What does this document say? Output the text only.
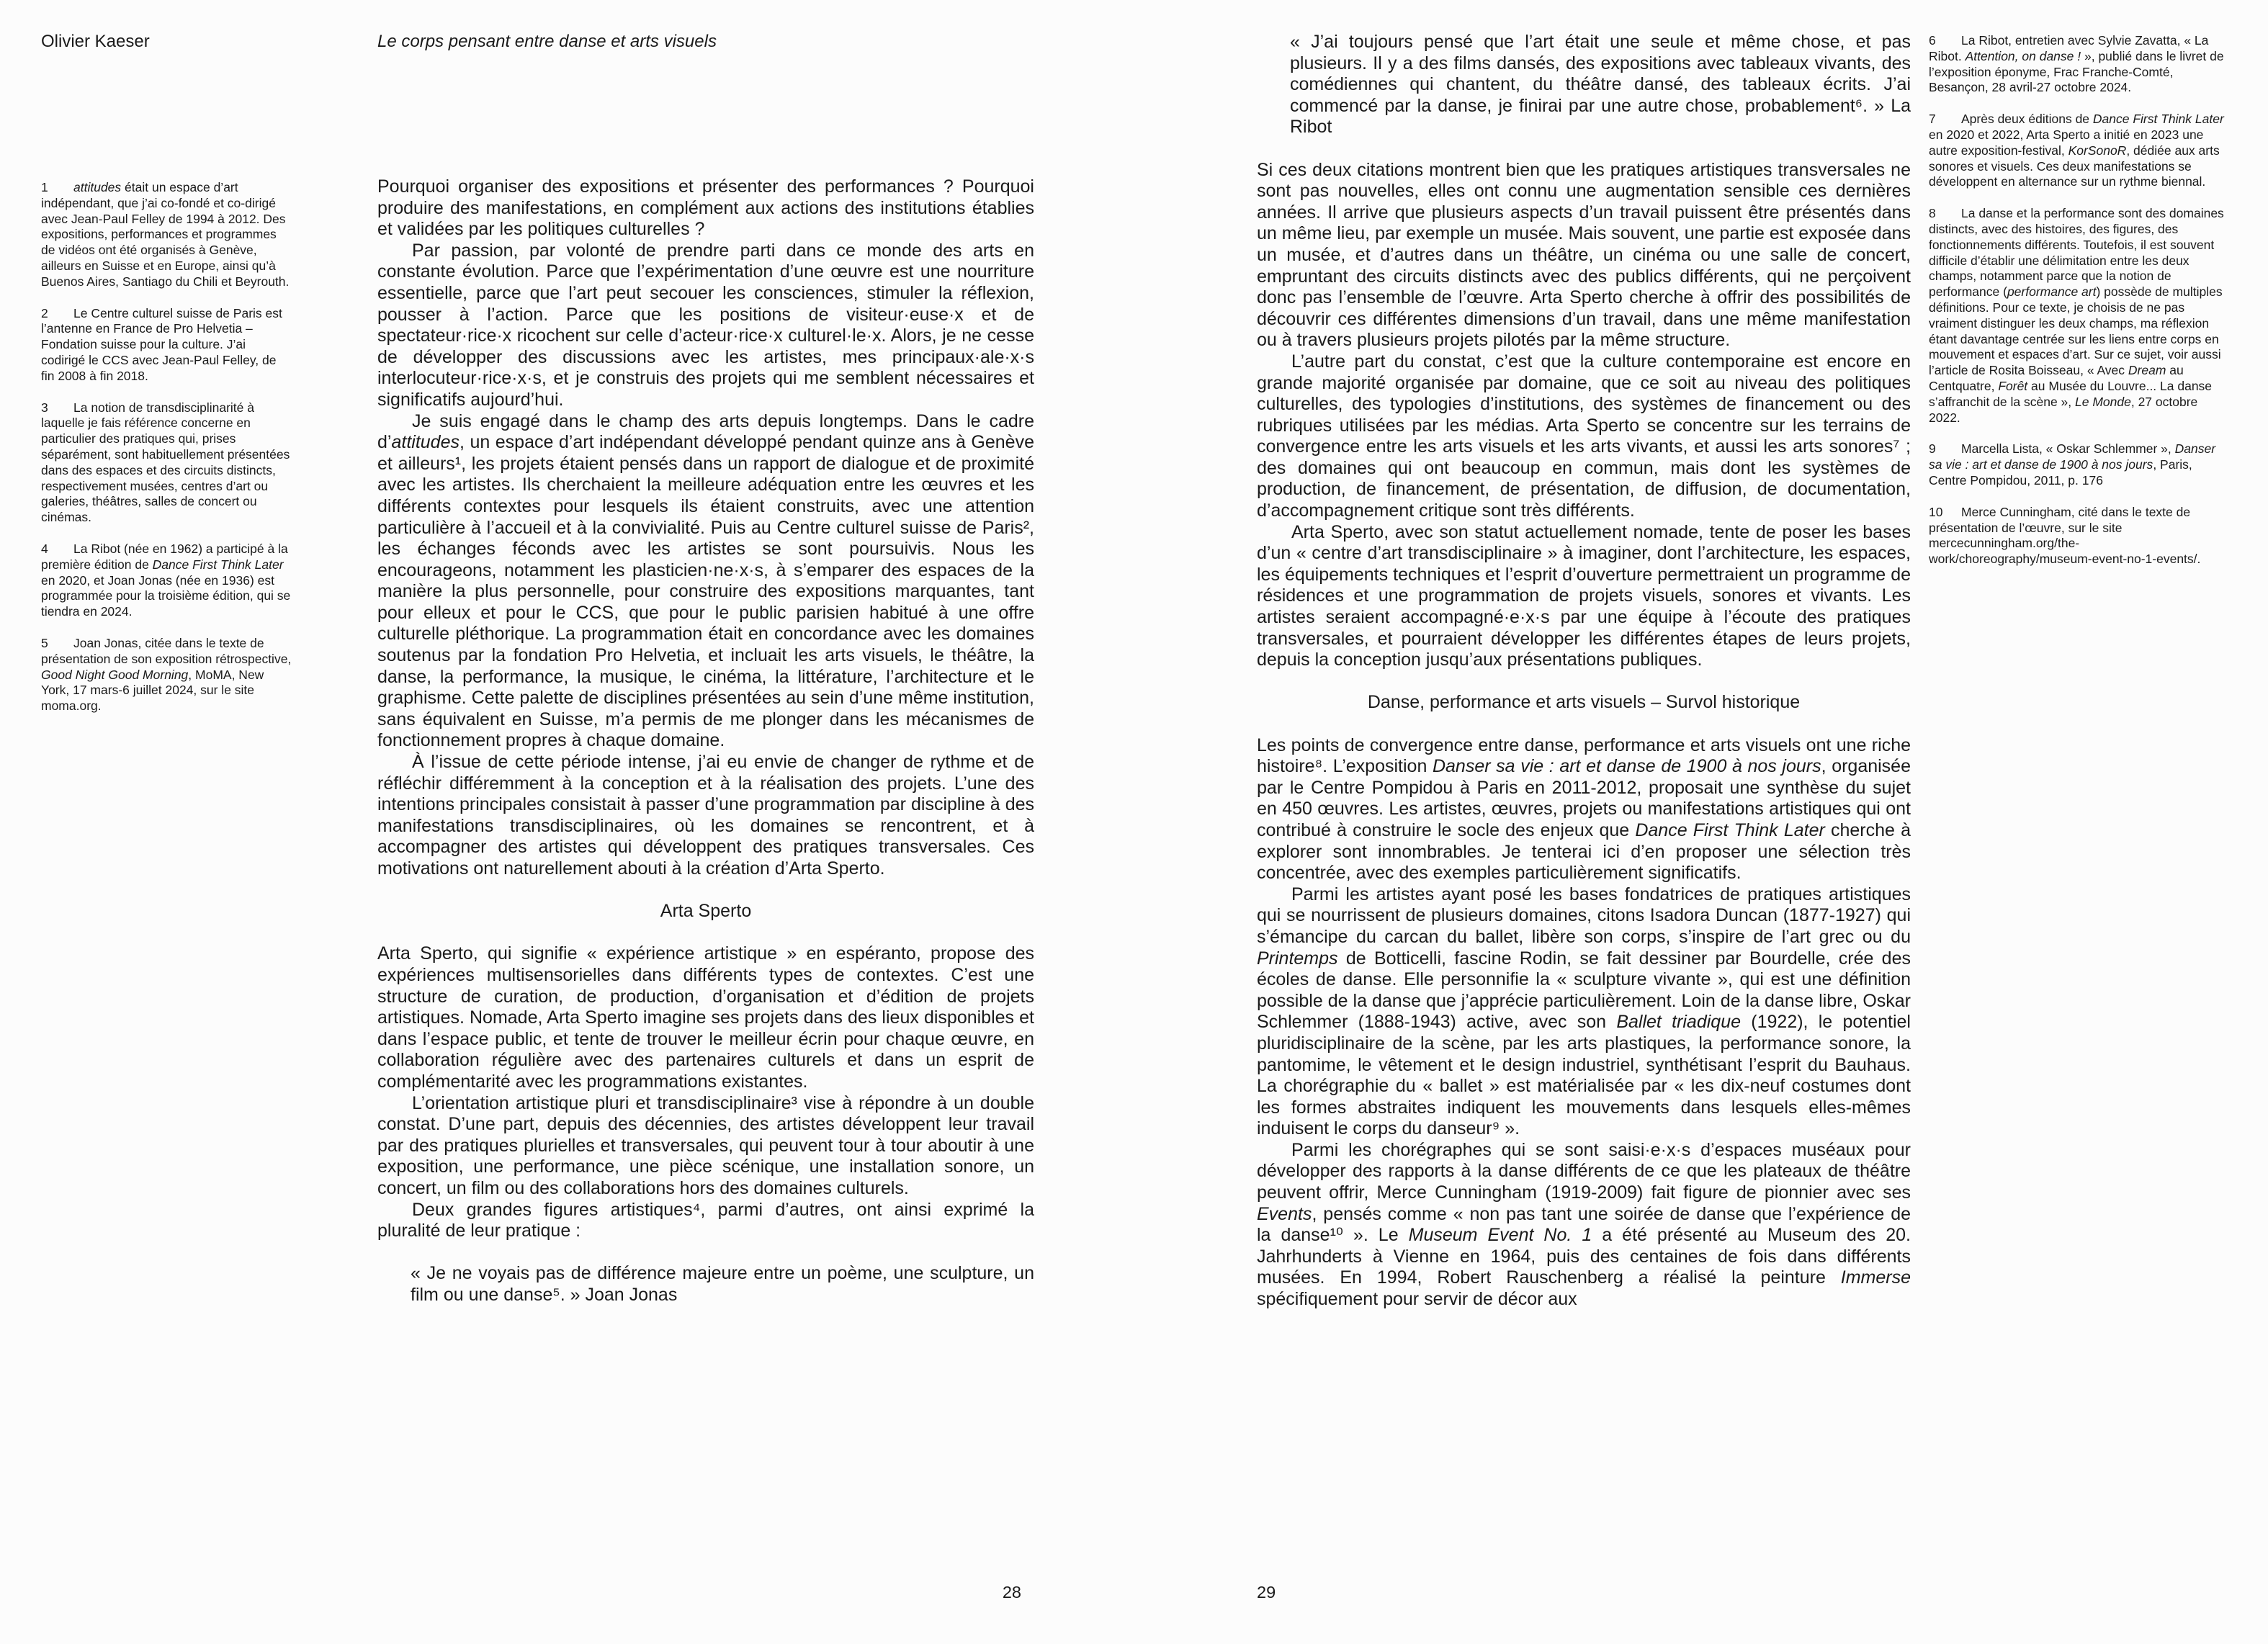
Olivier Kaeser	Le corps pensant entre danse et arts visuels
1 attitudes était un espace d’art indépendant, que j’ai co-fondé et co-dirigé avec Jean-Paul Felley de 1994 à 2012. Des expositions, performances et programmes de vidéos ont été organisés à Genève, ailleurs en Suisse et en Europe, ainsi qu’à Buenos Aires, Santiago du Chili et Beyrouth.
2 Le Centre culturel suisse de Paris est l’antenne en France de Pro Helvetia – Fondation suisse pour la culture. J’ai codirigé le CCS avec Jean-Paul Felley, de fin 2008 à fin 2018.
3 La notion de transdisciplinarité à laquelle je fais référence concerne en particulier des pratiques qui, prises séparément, sont habituellement présentées dans des espaces et des circuits distincts, respectivement musées, centres d’art ou galeries, théâtres, salles de concert ou cinémas.
4 La Ribot (née en 1962) a participé à la première édition de Dance First Think Later en 2020, et Joan Jonas (née en 1936) est programmée pour la troisième édition, qui se tiendra en 2024.
5 Joan Jonas, citée dans le texte de présentation de son exposition rétrospective, Good Night Good Morning, MoMA, New York, 17 mars-6 juillet 2024, sur le site moma.org.

Pourquoi organiser des expositions et présenter des performances ? Pourquoi produire des manifestations, en complément aux actions des institutions établies et validées par les politiques culturelles ?

Par passion, par volonté de prendre parti dans ce monde des arts en constante évolution. Parce que l’expérimentation d’une œuvre est une nourriture essentielle, parce que l’art peut secouer les consciences, stimuler la réflexion, pousser à l’action. Parce que les positions de visiteur·euse·x et de spectateur·rice·x ricochent sur celle d’acteur·rice·x culturel·le·x. Alors, je ne cesse de développer des discussions avec les artistes, mes principaux·ale·x·s interlocuteur·rice·x·s, et je construis des projets qui me semblent nécessaires et significatifs aujourd’hui.

Je suis engagé dans le champ des arts depuis longtemps. Dans le cadre d’attitudes, un espace d’art indépendant développé pendant quinze ans à Genève et ailleurs¹, les projets étaient pensés dans un rapport de dialogue et de proximité avec les artistes. Ils cherchaient la meilleure adéquation entre les œuvres et les différents contextes pour lesquels ils étaient construits, avec une attention particulière à l’accueil et à la convivialité. Puis au Centre culturel suisse de Paris², les échanges féconds avec les artistes se sont poursuivis. Nous les encourageons, notamment les plasticien·ne·x·s, à s’emparer des espaces de la manière la plus personnelle, pour construire des expositions marquantes, tant pour elleux et pour le CCS, que pour le public parisien habitué à une offre culturelle pléthorique. La programmation était en concordance avec les domaines soutenus par la fondation Pro Helvetia, et incluait les arts visuels, le théâtre, la danse, la performance, la musique, le cinéma, la littérature, l’architecture et le graphisme. Cette palette de disciplines présentées au sein d’une même institution, sans équivalent en Suisse, m’a permis de me plonger dans les mécanismes de fonctionnement propres à chaque domaine.

À l’issue de cette période intense, j’ai eu envie de changer de rythme et de réfléchir différemment à la conception et à la réalisation des projets. L’une des intentions principales consistait à passer d’une programmation par discipline à des manifestations transdisciplinaires, où les domaines se rencontrent, et à accompagner des artistes qui développent des pratiques transversales. Ces motivations ont naturellement abouti à la création d’Arta Sperto.

Arta Sperto

Arta Sperto, qui signifie « expérience artistique » en espéranto, propose des expériences multisensorielles dans différents types de contextes. C’est une structure de curation, de production, d’organisation et d’édition de projets artistiques. Nomade, Arta Sperto imagine ses projets dans des lieux disponibles et dans l’espace public, et tente de trouver le meilleur écrin pour chaque œuvre, en collaboration régulière avec des partenaires culturels et dans un esprit de complémentarité avec les programmations existantes.

L’orientation artistique pluri et transdisciplinaire³ vise à répondre à un double constat. D’une part, depuis des décennies, des artistes développent leur travail par des pratiques plurielles et transversales, qui peuvent tour à tour aboutir à une exposition, une performance, une pièce scénique, une installation sonore, un concert, un film ou des collaborations hors des domaines culturels.

Deux grandes figures artistiques⁴, parmi d’autres, ont ainsi exprimé la pluralité de leur pratique :

« Je ne voyais pas de différence majeure entre un poème, une sculpture, un film ou une danse⁵. » Joan Jonas

28

« J’ai toujours pensé que l’art était une seule et même chose, et pas plusieurs. Il y a des films dansés, des expositions avec tableaux vivants, des comédiennes qui chantent, du théâtre dansé, des tableaux écrits. J’ai commencé par la danse, je finirai par une autre chose, probablement⁶. » La Ribot

Si ces deux citations montrent bien que les pratiques artistiques transversales ne sont pas nouvelles, elles ont connu une augmentation sensible ces dernières années. Il arrive que plusieurs aspects d’un travail puissent être présentés dans un même lieu, par exemple un musée. Mais souvent, une partie est exposée dans un musée, et d’autres dans un théâtre, un cinéma ou une salle de concert, empruntant des circuits distincts avec des publics différents, qui ne perçoivent donc pas l’ensemble de l’œuvre. Arta Sperto cherche à offrir des possibilités de découvrir ces différentes dimensions d’un travail, dans une même manifestation ou à travers plusieurs projets pilotés par la même structure.

L’autre part du constat, c’est que la culture contemporaine est encore en grande majorité organisée par domaine, que ce soit au niveau des politiques culturelles, des typologies d’institutions, des systèmes de financement ou des rubriques utilisées par les médias. Arta Sperto se concentre sur les terrains de convergence entre les arts visuels et les arts vivants, et aussi les arts sonores⁷ ; des domaines qui ont beaucoup en commun, mais dont les systèmes de production, de financement, de présentation, de diffusion, de documentation, d’accompagnement critique sont très différents.

Arta Sperto, avec son statut actuellement nomade, tente de poser les bases d’un « centre d’art transdisciplinaire » à imaginer, dont l’architecture, les espaces, les équipements techniques et l’esprit d’ouverture permettraient un programme de résidences et une programmation de projets visuels, sonores et vivants. Les artistes seraient accompagné·e·x·s par une équipe à l’écoute des pratiques transversales, et pourraient développer les différentes étapes de leurs projets, depuis la conception jusqu’aux présentations publiques.

Danse, performance et arts visuels – Survol historique

Les points de convergence entre danse, performance et arts visuels ont une riche histoire⁸. L’exposition Danser sa vie : art et danse de 1900 à nos jours, organisée par le Centre Pompidou à Paris en 2011-2012, proposait une synthèse du sujet en 450 œuvres. Les artistes, œuvres, projets ou manifestations artistiques qui ont contribué à construire le socle des enjeux que Dance First Think Later cherche à explorer sont innombrables. Je tenterai ici d’en proposer une sélection très concentrée, avec des exemples particulièrement significatifs.

Parmi les artistes ayant posé les bases fondatrices de pratiques artistiques qui se nourrissent de plusieurs domaines, citons Isadora Duncan (1877-1927) qui s’émancipe du carcan du ballet, libère son corps, s’inspire de l’art grec ou du Printemps de Botticelli, fascine Rodin, se fait dessiner par Bourdelle, crée des écoles de danse. Elle personnifie la « sculpture vivante », qui est une définition possible de la danse que j’apprécie particulièrement. Loin de la danse libre, Oskar Schlemmer (1888-1943) active, avec son Ballet triadique (1922), le potentiel pluridisciplinaire de la scène, par les arts plastiques, la performance sonore, la pantomime, le vêtement et le design industriel, synthétisant l’esprit du Bauhaus. La chorégraphie du « ballet » est matérialisée par « les dix-neuf costumes dont les formes abstraites indiquent les mouvements dans lesquels elles-mêmes induisent le corps du danseur⁹ ».

Parmi les chorégraphes qui se sont saisi·e·x·s d’espaces muséaux pour développer des rapports à la danse différents de ce que les plateaux de théâtre peuvent offrir, Merce Cunningham (1919-2009) fait figure de pionnier avec ses Events, pensés comme « non pas tant une soirée de danse que l’expérience de la danse¹⁰ ». Le Museum Event No. 1 a été présenté au Museum des 20. Jahrhunderts à Vienne en 1964, puis des centaines de fois dans différents musées. En 1994, Robert Rauschenberg a réalisé la peinture Immerse spécifiquement pour servir de décor aux

6 La Ribot, entretien avec Sylvie Zavatta, « La Ribot. Attention, on danse ! », publié dans le livret de l’exposition éponyme, Frac Franche-Comté, Besançon, 28 avril-27 octobre 2024.
7 Après deux éditions de Dance First Think Later en 2020 et 2022, Arta Sperto a initié en 2023 une autre exposition-festival, KorSonoR, dédiée aux arts sonores et visuels. Ces deux manifestations se développent en alternance sur un rythme biennal.
8 La danse et la performance sont des domaines distincts, avec des histoires, des figures, des fonctionnements différents. Toutefois, il est souvent difficile d’établir une délimitation entre les deux champs, notamment parce que la notion de performance (performance art) possède de multiples définitions. Pour ce texte, je choisis de ne pas vraiment distinguer les deux champs, ma réflexion étant davantage centrée sur les liens entre corps en mouvement et espaces d’art. Sur ce sujet, voir aussi l’article de Rosita Boisseau, « Avec Dream au Centquatre, Forêt au Musée du Louvre... La danse s’affranchit de la scène », Le Monde, 27 octobre 2022.
9 Marcella Lista, « Oskar Schlemmer », Danser sa vie : art et danse de 1900 à nos jours, Paris, Centre Pompidou, 2011, p. 176
10 Merce Cunningham, cité dans le texte de présentation de l’œuvre, sur le site mercecunningham.org/the-work/choreography/museum-event-no-1-events/.
29
